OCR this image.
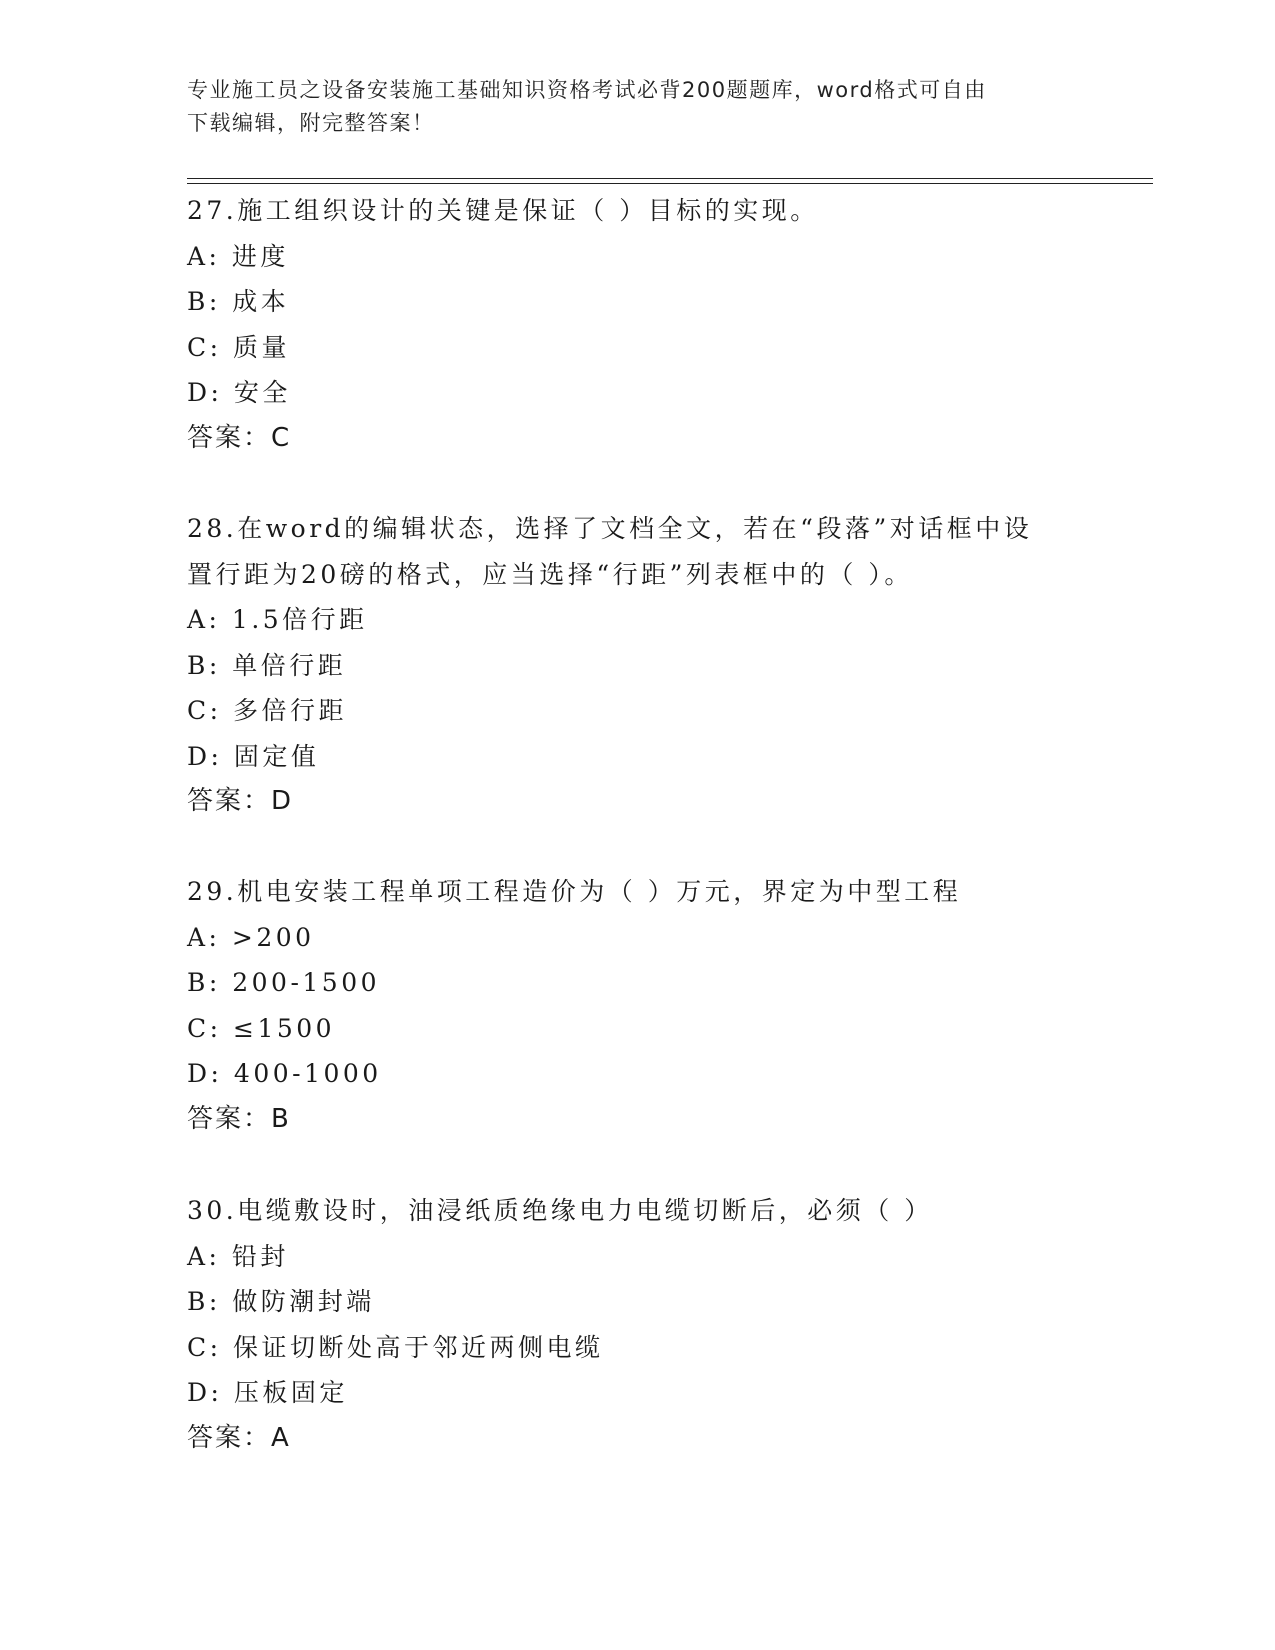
专业施工员之设备安装施工基础知识资格考试必背200题题库，word格式可自由
下载编辑，附完整答案！
27.施工组织设计的关键是保证（ ）目标的实现。
A: 进度
B: 成本
C: 质量
D: 安全
答案：C
28.在word的编辑状态，选择了文档全文，若在“段落”对话框中设
置行距为20磅的格式，应当选择“行距”列表框中的（ ）。
A: 1.5倍行距
B: 单倍行距
C: 多倍行距
D: 固定值
答案：D
29.机电安装工程单项工程造价为（ ）万元，界定为中型工程
A: >200
B: 200-1500
C: ≤1500
D: 400-1000
答案：B
30.电缆敷设时，油浸纸质绝缘电力电缆切断后，必须（ ）
A: 铅封
B: 做防潮封端
C: 保证切断处高于邻近两侧电缆
D: 压板固定
答案：A
